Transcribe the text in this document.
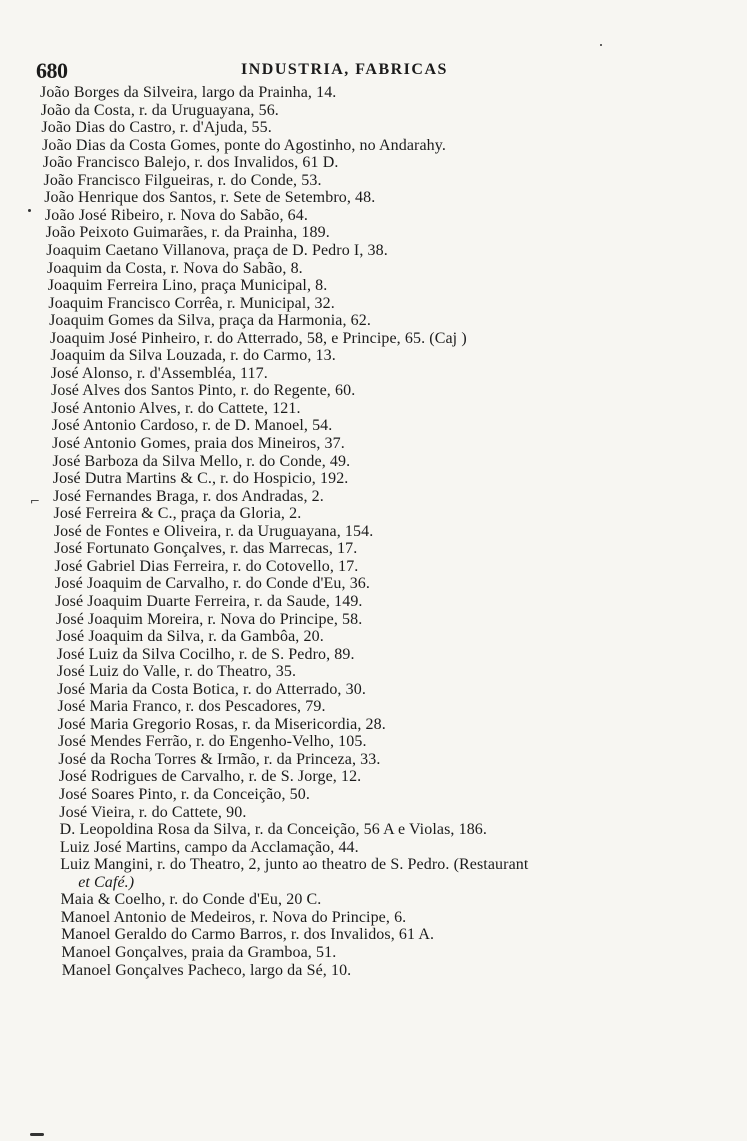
680	INDUSTRIA, FABRICAS
João Borges da Silveira, largo da Prainha, 14.
João da Costa, r. da Uruguayana, 56.
João Dias do Castro, r. d'Ajuda, 55.
João Dias da Costa Gomes, ponte do Agostinho, no Andarahy.
João Francisco Balejo, r. dos Invalidos, 61 D.
João Francisco Filgueiras, r. do Conde, 53.
João Henrique dos Santos, r. Sete de Setembro, 48.
João José Ribeiro, r. Nova do Sabão, 64.
João Peixoto Guimarães, r. da Prainha, 189.
Joaquim Caetano Villanova, praça de D. Pedro I, 38.
Joaquim da Costa, r. Nova do Sabão, 8.
Joaquim Ferreira Lino, praça Municipal, 8.
Joaquim Francisco Corrêa, r. Municipal, 32.
Joaquim Gomes da Silva, praça da Harmonia, 62.
Joaquim José Pinheiro, r. do Atterrado, 58, e Principe, 65. (Caj )
Joaquim da Silva Louzada, r. do Carmo, 13.
José Alonso, r. d'Assembléa, 117.
José Alves dos Santos Pinto, r. do Regente, 60.
José Antonio Alves, r. do Cattete, 121.
José Antonio Cardoso, r. de D. Manoel, 54.
José Antonio Gomes, praia dos Mineiros, 37.
José Barboza da Silva Mello, r. do Conde, 49.
José Dutra Martins & C., r. do Hospicio, 192.
José Fernandes Braga, r. dos Andradas, 2.
José Ferreira & C., praça da Gloria, 2.
José de Fontes e Oliveira, r. da Uruguayana, 154.
José Fortunato Gonçalves, r. das Marrecas, 17.
José Gabriel Dias Ferreira, r. do Cotovello, 17.
José Joaquim de Carvalho, r. do Conde d'Eu, 36.
José Joaquim Duarte Ferreira, r. da Saude, 149.
José Joaquim Moreira, r. Nova do Principe, 58.
José Joaquim da Silva, r. da Gambôa, 20.
José Luiz da Silva Cocilho, r. de S. Pedro, 89.
José Luiz do Valle, r. do Theatro, 35.
José Maria da Costa Botica, r. do Atterrado, 30.
José Maria Franco, r. dos Pescadores, 79.
José Maria Gregorio Rosas, r. da Misericordia, 28.
José Mendes Ferrão, r. do Engenho-Velho, 105.
José da Rocha Torres & Irmão, r. da Princeza, 33.
José Rodrigues de Carvalho, r. de S. Jorge, 12.
José Soares Pinto, r. da Conceição, 50.
José Vieira, r. do Cattete, 90.
D. Leopoldina Rosa da Silva, r. da Conceição, 56 A e Violas, 186.
Luiz José Martins, campo da Acclamação, 44.
Luiz Mangini, r. do Theatro, 2, junto ao theatro de S. Pedro. (Restaurant
et Café.)
Maia & Coelho, r. do Conde d'Eu, 20 C.
Manoel Antonio de Medeiros, r. Nova do Principe, 6.
Manoel Geraldo do Carmo Barros, r. dos Invalidos, 61 A.
Manoel Gonçalves, praia da Gramboa, 51.
Manoel Gonçalves Pacheco, largo da Sé, 10.
⌐
